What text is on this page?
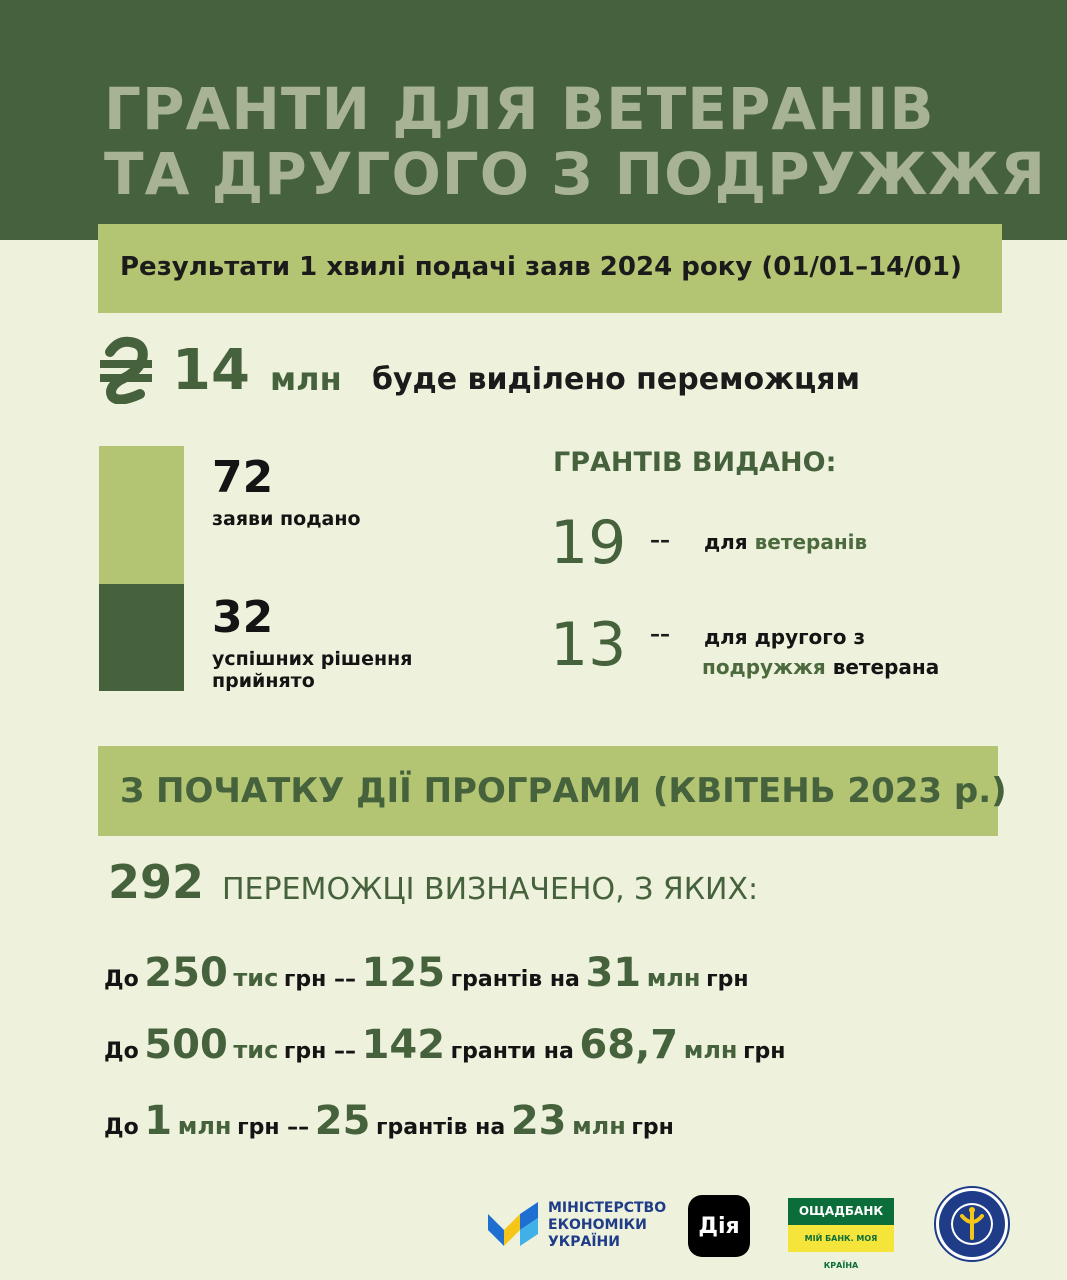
ГРАНТИ ДЛЯ ВЕТЕРАНІВ
ТА ДРУГОГО З ПОДРУЖЖЯ
Результати 1 хвилі подачі заяв 2024 року (01/01–14/01)
14 млн буде виділено переможцям
72
заяви подано
32
успішних рішення прийнято
ГРАНТІВ ВИДАНО:
19 –– для ветеранів
13 –– для другого з
подружжя ветерана
З ПОЧАТКУ ДІЇ ПРОГРАМИ (КВІТЕНЬ 2023 р.)
292 ПЕРЕМОЖЦІ ВИЗНАЧЕНО, З ЯКИХ:
До 250 тис грн –– 125 грантів на 31 млн грн
До 500 тис грн –– 142 гранти на 68,7 млн грн
До 1 млн грн –– 25 грантів на 23 млн грн
МІНІСТЕРСТВО
ЕКОНОМІКИ
УКРАЇНИ
Дія
ОЩАДБАНК
МІЙ БАНК. МОЯ КРАЇНА
